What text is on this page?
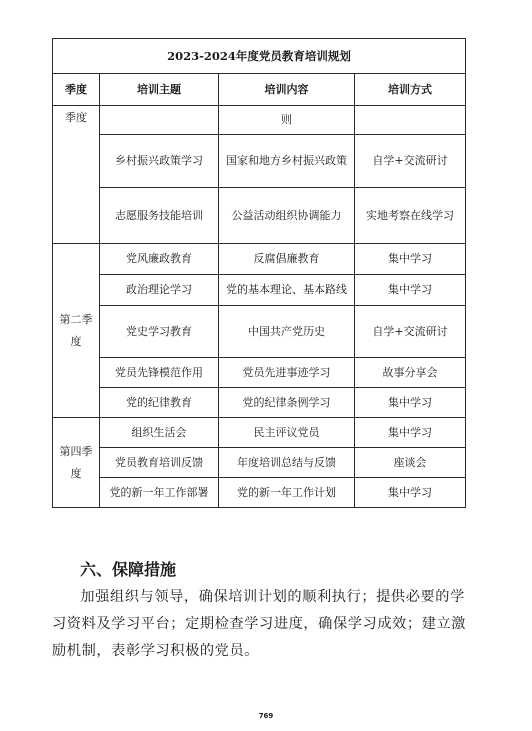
2023-2024年度党员教育培训规划			
季度	培训主题	培训内容	培训方式
季度		则	
	乡村振兴政策学习	国家和地方乡村振兴政策	自学+交流研讨
	志愿服务技能培训	公益活动组织协调能力	实地考察在线学习
第二季度	党风廉政教育	反腐倡廉教育	集中学习
	政治理论学习	党的基本理论、基本路线	集中学习
	党史学习教育	中国共产党历史	自学+交流研讨
	党员先锋模范作用	党员先进事迹学习	故事分享会
	党的纪律教育	党的纪律条例学习	集中学习
第四季度	组织生活会	民主评议党员	集中学习
	党员教育培训反馈	年度培训总结与反馈	座谈会
	党的新一年工作部署	党的新一年工作计划	集中学习
六、保障措施
加强组织与领导，确保培训计划的顺利执行；提供必要的学习资料及学习平台；定期检查学习进度，确保学习成效；建立激励机制，表彰学习积极的党员。
769
